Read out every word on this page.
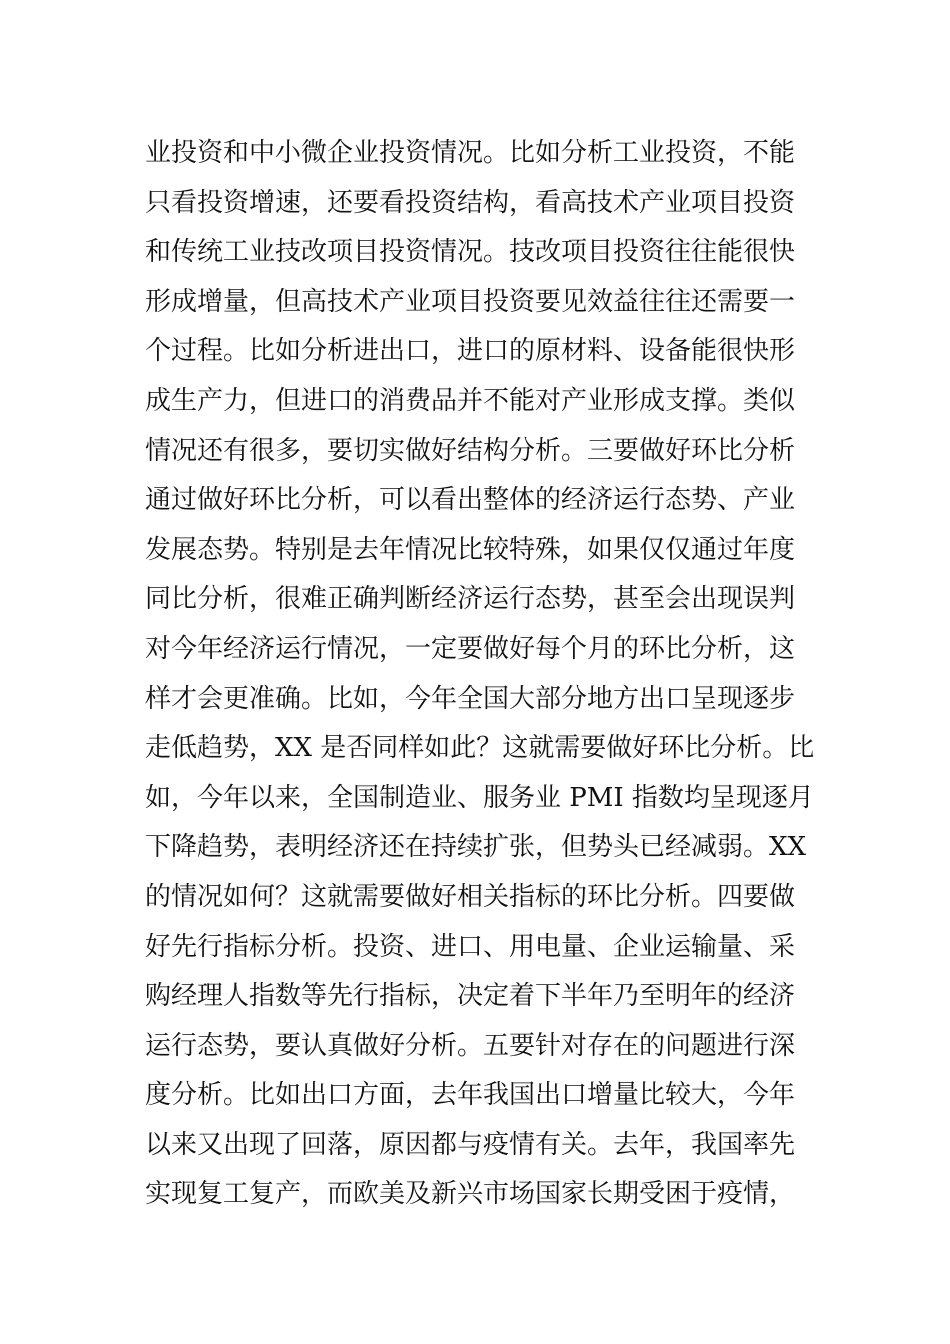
业投资和中小微企业投资情况。比如分析工业投资，不能
只看投资增速，还要看投资结构，看高技术产业项目投资
和传统工业技改项目投资情况。技改项目投资往往能很快
形成增量，但高技术产业项目投资要见效益往往还需要一
个过程。比如分析进出口，进口的原材料、设备能很快形
成生产力，但进口的消费品并不能对产业形成支撑。类似
情况还有很多，要切实做好结构分析。三要做好环比分析
通过做好环比分析，可以看出整体的经济运行态势、产业
发展态势。特别是去年情况比较特殊，如果仅仅通过年度
同比分析，很难正确判断经济运行态势，甚至会出现误判
对今年经济运行情况，一定要做好每个月的环比分析，这
样才会更准确。比如，今年全国大部分地方出口呈现逐步
走低趋势，XX 是否同样如此？这就需要做好环比分析。比
如，今年以来，全国制造业、服务业 PMI 指数均呈现逐月
下降趋势，表明经济还在持续扩张，但势头已经减弱。XX
的情况如何？这就需要做好相关指标的环比分析。四要做
好先行指标分析。投资、进口、用电量、企业运输量、采
购经理人指数等先行指标，决定着下半年乃至明年的经济
运行态势，要认真做好分析。五要针对存在的问题进行深
度分析。比如出口方面，去年我国出口增量比较大，今年
以来又出现了回落，原因都与疫情有关。去年，我国率先
实现复工复产，而欧美及新兴市场国家长期受困于疫情，
